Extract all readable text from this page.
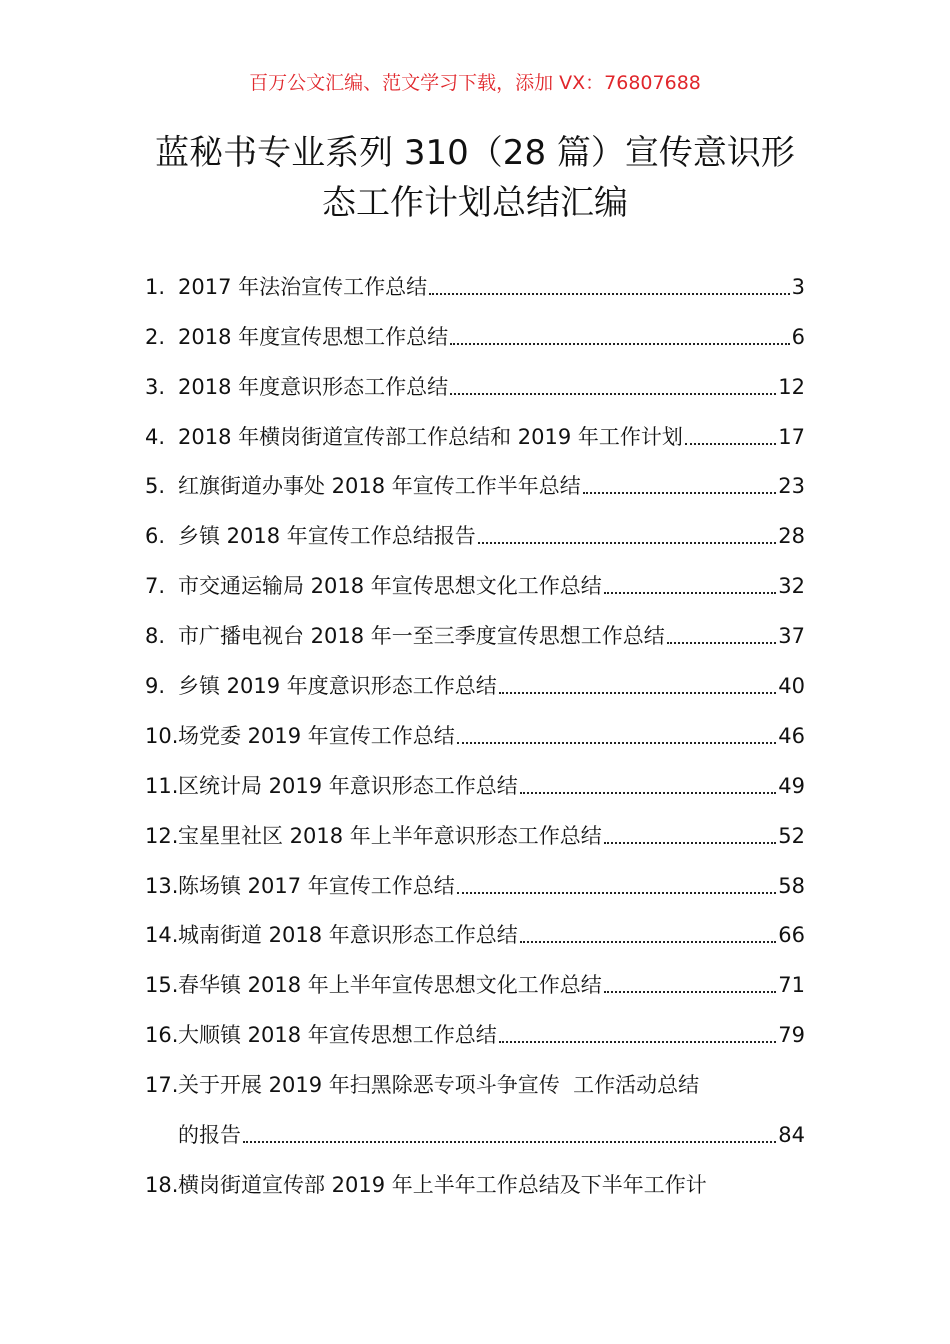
百万公文汇编、范文学习下载，添加 VX：76807688
蓝秘书专业系列 310（28 篇）宣传意识形
态工作计划总结汇编
1. 2017 年法治宣传工作总结	3
2. 2018 年度宣传思想工作总结	6
3. 2018 年度意识形态工作总结	12
4. 2018 年横岗街道宣传部工作总结和 2019 年工作计划	17
5. 红旗街道办事处 2018 年宣传工作半年总结	23
6. 乡镇 2018 年宣传工作总结报告	28
7. 市交通运输局 2018 年宣传思想文化工作总结	32
8. 市广播电视台 2018 年一至三季度宣传思想工作总结	37
9. 乡镇 2019 年度意识形态工作总结	40
10. 场党委 2019 年宣传工作总结	46
11. 区统计局 2019 年意识形态工作总结	49
12. 宝星里社区 2018 年上半年意识形态工作总结	52
13. 陈场镇 2017 年宣传工作总结	58
14. 城南街道 2018 年意识形态工作总结	66
15. 春华镇 2018 年上半年宣传思想文化工作总结	71
16. 大顺镇 2018 年宣传思想工作总结	79
17. 关于开展 2019 年扫黑除恶专项斗争宣传  工作活动总结
的报告	84
18. 横岗街道宣传部 2019 年上半年工作总结及下半年工作计
